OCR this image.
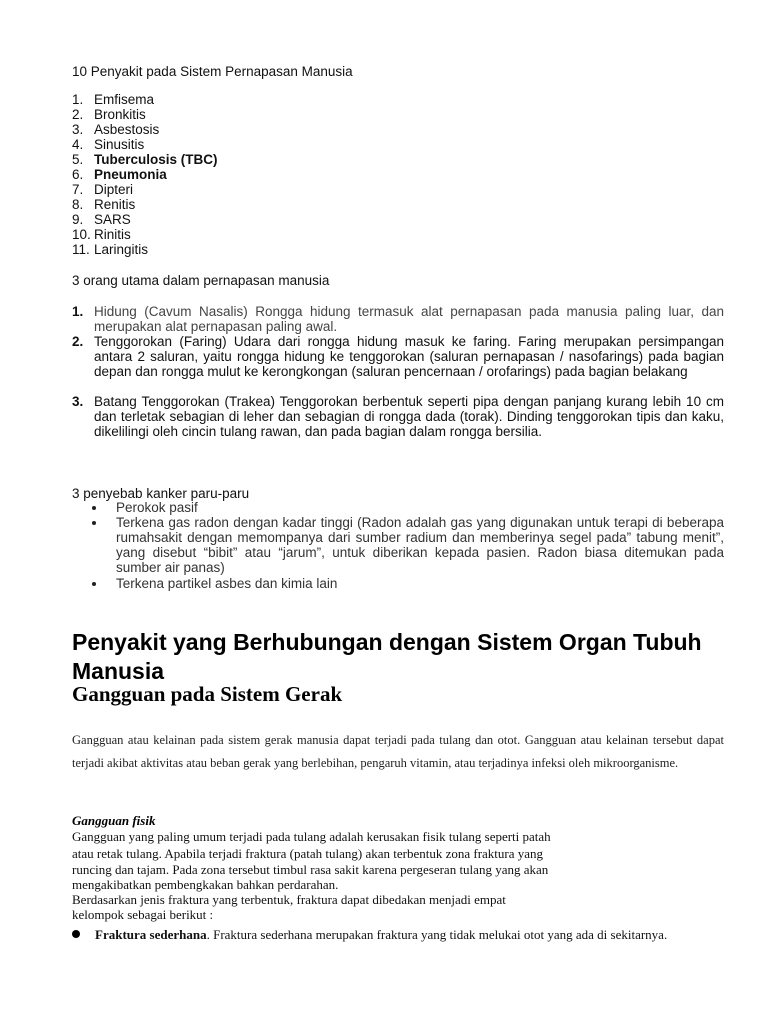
10 Penyakit pada Sistem Pernapasan Manusia
1. Emfisema
2. Bronkitis
3. Asbestosis
4. Sinusitis
5. Tuberculosis (TBC)
6. Pneumonia
7. Dipteri
8. Renitis
9. SARS
10. Rinitis
11. Laringitis
3 orang utama dalam pernapasan manusia
1. Hidung (Cavum Nasalis) Rongga hidung termasuk alat pernapasan pada manusia paling luar, dan merupakan alat pernapasan paling awal.
2. Tenggorokan (Faring) Udara dari rongga hidung masuk ke faring. Faring merupakan persimpangan antara 2 saluran, yaitu rongga hidung ke tenggorokan (saluran pernapasan / nasofarings) pada bagian depan dan rongga mulut ke kerongkongan (saluran pencernaan / orofarings) pada bagian belakang
3. Batang Tenggorokan (Trakea) Tenggorokan berbentuk seperti pipa dengan panjang kurang lebih 10 cm dan terletak sebagian di leher dan sebagian di rongga dada (torak). Dinding tenggorokan tipis dan kaku, dikelilingi oleh cincin tulang rawan, dan pada bagian dalam rongga bersilia.
3 penyebab kanker paru-paru
Perokok pasif
Terkena gas radon dengan kadar tinggi (Radon adalah gas yang digunakan untuk terapi di beberapa rumahsakit dengan memompanya dari sumber radium dan memberinya segel pada” tabung menit”, yang disebut “bibit” atau “jarum”, untuk diberikan kepada pasien. Radon biasa ditemukan pada sumber air panas)
Terkena partikel asbes dan kimia lain
Penyakit yang Berhubungan dengan Sistem Organ Tubuh Manusia
Gangguan pada Sistem Gerak
Gangguan atau kelainan pada sistem gerak manusia dapat terjadi pada tulang dan otot. Gangguan atau kelainan tersebut dapat terjadi akibat aktivitas atau beban gerak yang berlebihan, pengaruh vitamin, atau terjadinya infeksi oleh mikroorganisme.
Gangguan fisik
Gangguan yang paling umum terjadi pada tulang adalah kerusakan fisik tulang seperti patah
atau retak tulang. Apabila terjadi fraktura (patah tulang) akan terbentuk zona fraktura yang
runcing dan tajam. Pada zona tersebut timbul rasa sakit karena pergeseran tulang yang akan
mengakibatkan pembengkakan bahkan perdarahan.
Berdasarkan jenis fraktura yang terbentuk, fraktura dapat dibedakan menjadi empat
kelompok sebagai berikut :
Fraktura sederhana. Fraktura sederhana merupakan fraktura yang tidak melukai otot yang ada di sekitarnya.
